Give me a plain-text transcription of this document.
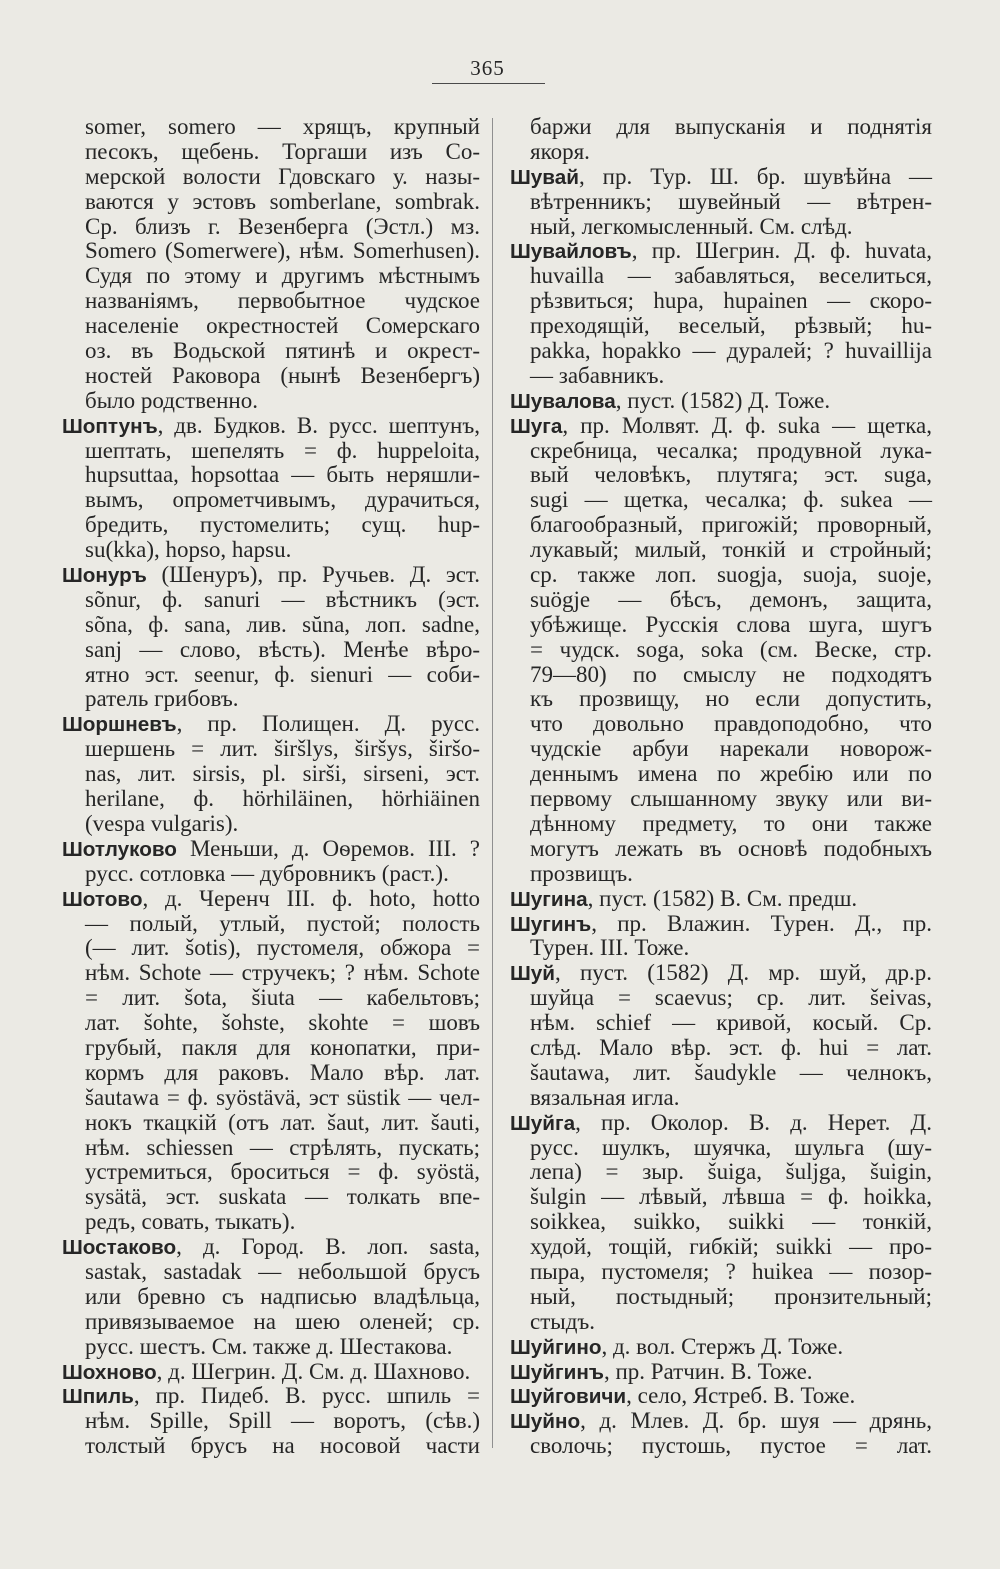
365
somer, somero — хрящъ, крупный
песокъ, щебень. Торгаши изъ Со-
мерской волости Гдовскаго у. назы-
ваются у эстовъ somberlane, sombrak.
Ср. близъ г. Везенберга (Эстл.) мз.
Somero (Somerwere), нѣм. Somerhusen).
Судя по этому и другимъ мѣстнымъ
названіямъ, первобытное чудское
населеніе окрестностей Сомерскаго
оз. въ Водьской пятинѣ и окрест-
ностей Раковора (нынѣ Везенбергъ)
было родственно.
Шоптунъ, дв. Будков. В. русс. шептунъ,
шептать, шепелять = ф. huppeloita,
hupsuttaa, hopsottaa — быть неряшли-
вымъ, опрометчивымъ, дурачиться,
бредить, пустомелить; сущ. hup-
su(kka), hopso, hapsu.
Шонуръ (Шенуръ), пр. Ручьев. Д. эст.
sõnur, ф. sanuri — вѣстникъ (эст.
sõna, ф. sana, лив. sŭna, лоп. sadne,
sanj — слово, вѣсть). Менѣе вѣро-
ятно эст. seenur, ф. sienuri — соби-
ратель грибовъ.
Шоршневъ, пр. Полищен. Д. русс.
шершень = лит. širšlys, širšys, širšo-
nas, лит. sirsis, pl. sirši, sirseni, эст.
herilane, ф. hörhiläinen, hörhiäinen
(vespa vulgaris).
Шотлуково Меньши, д. Оѳремов. III. ?
русс. сотловка — дубровникъ (раст.).
Шотово, д. Черенч III. ф. hoto, hotto
— полый, утлый, пустой; полость
(— лит. šotis), пустомеля, обжора =
нѣм. Schote — стручекъ; ? нѣм. Schote
= лит. šota, šiuta — кабельтовъ;
лат. šohte, šohste, skohte = шовъ
грубый, пакля для конопатки, при-
кормъ для раковъ. Мало вѣр. лат.
šautawa = ф. syöstävä, эст süstik — чел-
нокъ ткацкій (отъ лат. šaut, лит. šauti,
нѣм. schiessen — стрѣлять, пускать;
устремиться, броситься = ф. syöstä,
sysätä, эст. suskata — толкать впе-
редъ, совать, тыкать).
Шостаково, д. Город. В. лоп. sasta,
sastak, sastadak — небольшой брусъ
или бревно съ надписью владѣльца,
привязываемое на шею оленей; ср.
русс. шестъ. См. также д. Шестакова.
Шохново, д. Шегрин. Д. См. д. Шахново.
Шпиль, пр. Пидеб. В. русс. шпиль =
нѣм. Spille, Spill — воротъ, (сѣв.)
толстый брусъ на носовой части
баржи для выпусканія и поднятія
якоря.
Шувай, пр. Тур. Ш. бр. шувѣйна —
вѣтренникъ; шувейный — вѣтрен-
ный, легкомысленный. См. слѣд.
Шувайловъ, пр. Шегрин. Д. ф. huvata,
huvailla — забавляться, веселиться,
рѣзвиться; hupa, hupainen — скоро-
преходящій, веселый, рѣзвый; hu-
pakka, hopakko — дуралей; ? huvaillija
— забавникъ.
Шувалова, пуст. (1582) Д. Тоже.
Шуга, пр. Молвят. Д. ф. suka — щетка,
скребница, чесалка; продувной лука-
вый человѣкъ, плутяга; эст. suga,
sugi — щетка, чесалка; ф. sukea —
благообразный, пригожій; проворный,
лукавый; милый, тонкій и стройный;
ср. также лоп. suogja, suoja, suoje,
suögje — бѣсъ, демонъ, защита,
убѣжище. Русскія слова шуга, шугъ
= чудск. soga, soka (см. Веске, стр.
79—80) по смыслу не подходятъ
къ прозвищу, но если допустить,
что довольно правдоподобно, что
чудскіе арбуи нарекали новорож-
деннымъ имена по жребію или по
первому слышанному звуку или ви-
дѣнному предмету, то они также
могутъ лежать въ основѣ подобныхъ
прозвищъ.
Шугина, пуст. (1582) В. См. предш.
Шугинъ, пр. Влажин. Турен. Д., пр.
Турен. III. Тоже.
Шуй, пуст. (1582) Д. мр. шуй, др.р.
шуйца = scaevus; ср. лит. šeivas,
нѣм. schief — кривой, косый. Ср.
слѣд. Мало вѣр. эст. ф. hui = лат.
šautawa, лит. šaudykle — челнокъ,
вязальная игла.
Шуйга, пр. Околор. В. д. Нерет. Д.
русс. шулкъ, шуячка, шульга (шу-
лепа) = зыр. šuiga, šuljga, šuigin,
šulgin — лѣвый, лѣвша = ф. hoikka,
soikkea, suikko, suikki — тонкій,
худой, тощій, гибкій; suikki — про-
пыра, пустомеля; ? huikea — позор-
ный, постыдный; пронзительный;
стыдъ.
Шуйгино, д. вол. Стержъ Д. Тоже.
Шуйгинъ, пр. Ратчин. В. Тоже.
Шуйговичи, село, Ястреб. В. Тоже.
Шуйно, д. Млев. Д. бр. шуя — дрянь,
сволочь; пустошь, пустое = лат.
